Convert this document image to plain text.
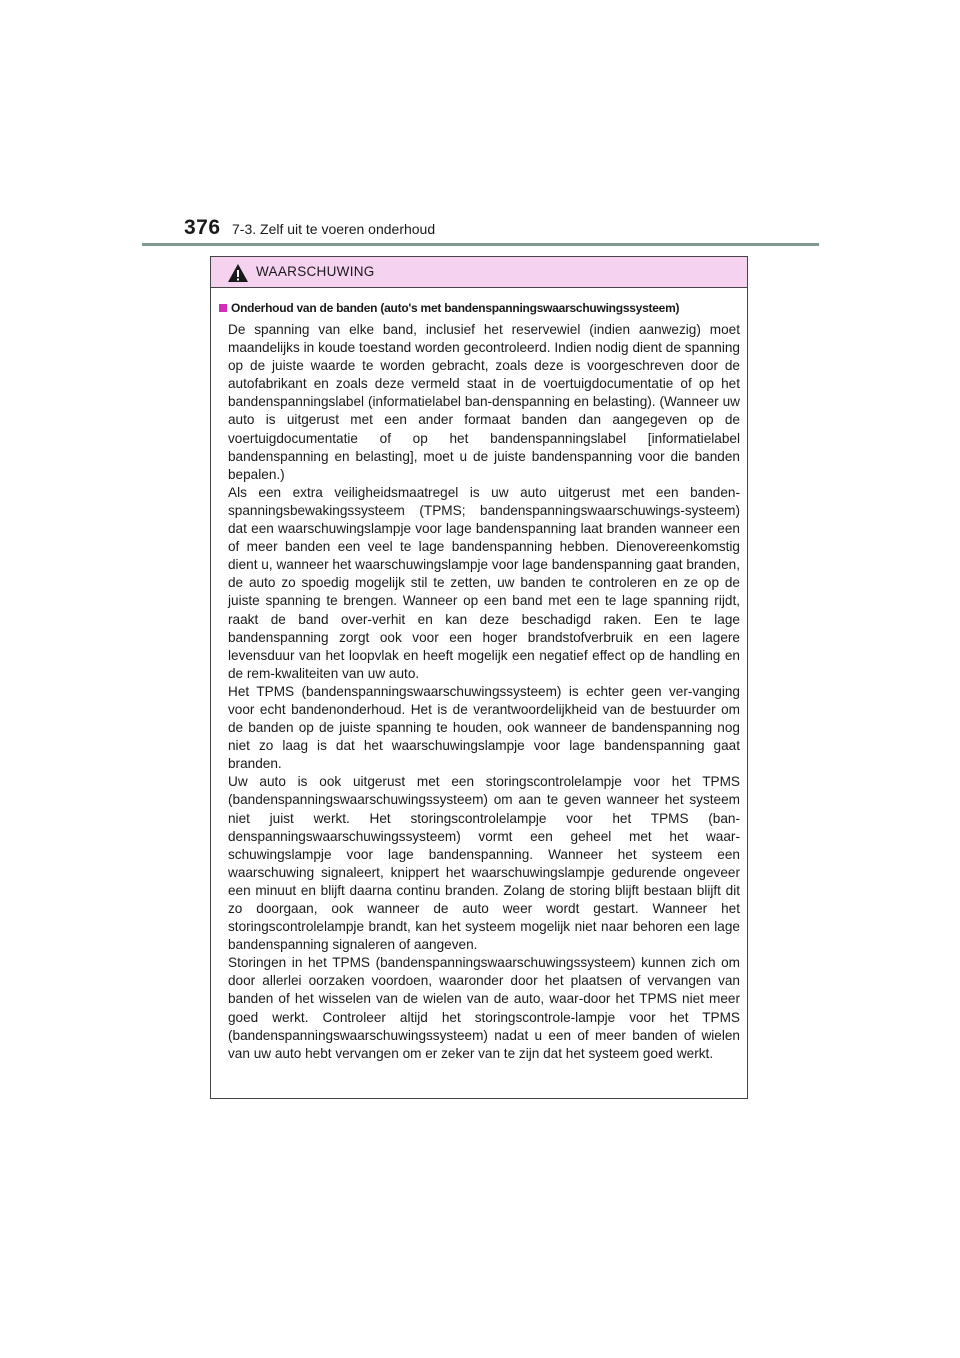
376 7-3. Zelf uit te voeren onderhoud
WAARSCHUWING
Onderhoud van de banden (auto's met bandenspanningswaarschuwingssysteem)

De spanning van elke band, inclusief het reservewiel (indien aanwezig) moet maandelijks in koude toestand worden gecontroleerd. Indien nodig dient de spanning op de juiste waarde te worden gebracht, zoals deze is voorgeschreven door de autofabrikant en zoals deze vermeld staat in de voertuigdocumentatie of op het bandenspanningslabel (informatielabel ban-denspanning en belasting). (Wanneer uw auto is uitgerust met een ander formaat banden dan aangegeven op de voertuigdocumentatie of op het bandenspanningslabel [informatielabel bandenspanning en belasting], moet u de juiste bandenspanning voor die banden bepalen.)

Als een extra veiligheidsmaatregel is uw auto uitgerust met een banden-spanningsbewakingssysteem (TPMS; bandenspanningswaarschuwings-systeem) dat een waarschuwingslampje voor lage bandenspanning laat branden wanneer een of meer banden een veel te lage bandenspanning hebben. Dienovereenkomstig dient u, wanneer het waarschuwingslampje voor lage bandenspanning gaat branden, de auto zo spoedig mogelijk stil te zetten, uw banden te controleren en ze op de juiste spanning te brengen. Wanneer op een band met een te lage spanning rijdt, raakt de band over-verhit en kan deze beschadigd raken. Een te lage bandenspanning zorgt ook voor een hoger brandstofverbruik en een lagere levensduur van het loopvlak en heeft mogelijk een negatief effect op de handling en de rem-kwaliteiten van uw auto.

Het TPMS (bandenspanningswaarschuwingssysteem) is echter geen ver-vanging voor echt bandenonderhoud. Het is de verantwoordelijkheid van de bestuurder om de banden op de juiste spanning te houden, ook wanneer de bandenspanning nog niet zo laag is dat het waarschuwingslampje voor lage bandenspanning gaat branden.

Uw auto is ook uitgerust met een storingscontrolelampje voor het TPMS (bandenspanningswaarschuwingssysteem) om aan te geven wanneer het systeem niet juist werkt. Het storingscontrolelampje voor het TPMS (ban-denspanningswaarschuwingssysteem) vormt een geheel met het waar-schuwingslampje voor lage bandenspanning. Wanneer het systeem een waarschuwing signaleert, knippert het waarschuwingslampje gedurende ongeveer een minuut en blijft daarna continu branden. Zolang de storing blijft bestaan blijft dit zo doorgaan, ook wanneer de auto weer wordt gestart. Wanneer het storingscontrolelampje brandt, kan het systeem mogelijk niet naar behoren een lage bandenspanning signaleren of aangeven.

Storingen in het TPMS (bandenspanningswaarschuwingssysteem) kunnen zich om door allerlei oorzaken voordoen, waaronder door het plaatsen of vervangen van banden of het wisselen van de wielen van de auto, waar-door het TPMS niet meer goed werkt. Controleer altijd het storingscontrole-lampje voor het TPMS (bandenspanningswaarschuwingssysteem) nadat u een of meer banden of wielen van uw auto hebt vervangen om er zeker van te zijn dat het systeem goed werkt.
